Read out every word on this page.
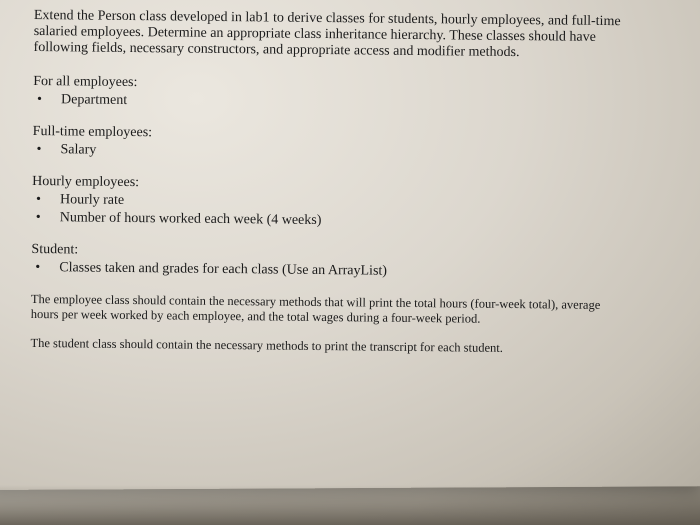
Extend the Person class developed in lab1 to derive classes for students, hourly employees, and full-time salaried employees. Determine an appropriate class inheritance hierarchy. These classes should have following fields, necessary constructors, and appropriate access and modifier methods.

For all employees:
• Department
Full-time employees:
• Salary
Hourly employees:
• Hourly rate
• Number of hours worked each week (4 weeks)
Student:
• Classes taken and grades for each class (Use an ArrayList)

The employee class should contain the necessary methods that will print the total hours (four-week total), average hours per week worked by each employee, and the total wages during a four-week period.

The student class should contain the necessary methods to print the transcript for each student.
